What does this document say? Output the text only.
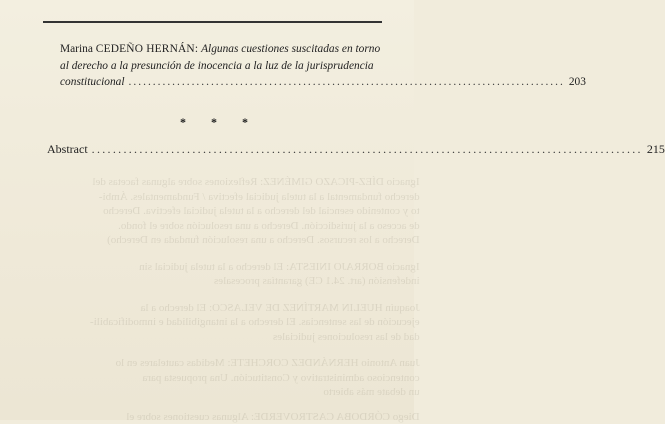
Ignacio DÍEZ-PICAZO GIMÉNEZ: Reflexiones sobre algunas facetas del
derecho fundamental a la tutela judicial efectiva / Fundamentales. Ámbi-
to y contenido esencial del derecho a la tutela judicial efectiva. Derecho
de acceso a la jurisdicción. Derecho a una resolución sobre el fondo.
Derecho a los recursos. Derecho a una resolución fundada en Derecho)
Ignacio BORRAJO INIESTA: El derecho a la tutela judicial sin
indefensión (art. 24.1 CE) garantías procesales
Joaquín HUELIN MARTÍNEZ DE VELASCO: El derecho a la
ejecución de las sentencias. El derecho a la intangibilidad e inmodificabili-
dad de las resoluciones judiciales
Juan Antonio HERNÁNDEZ CORCHETE: Medidas cautelares en lo
contencioso administrativo y Constitución. Una propuesta para
un debate más abierto
Diego CÓRDOBA CASTROVERDE: Algunas cuestiones sobre el
Marina CEDEÑO HERNÁN: Algunas cuestiones suscitadas en torno
al derecho a la presunción de inocencia a la luz de la jurisprudencia
constitucional .......................................................................................... 203
* * *
Abstract ........................................................................................................ 215
